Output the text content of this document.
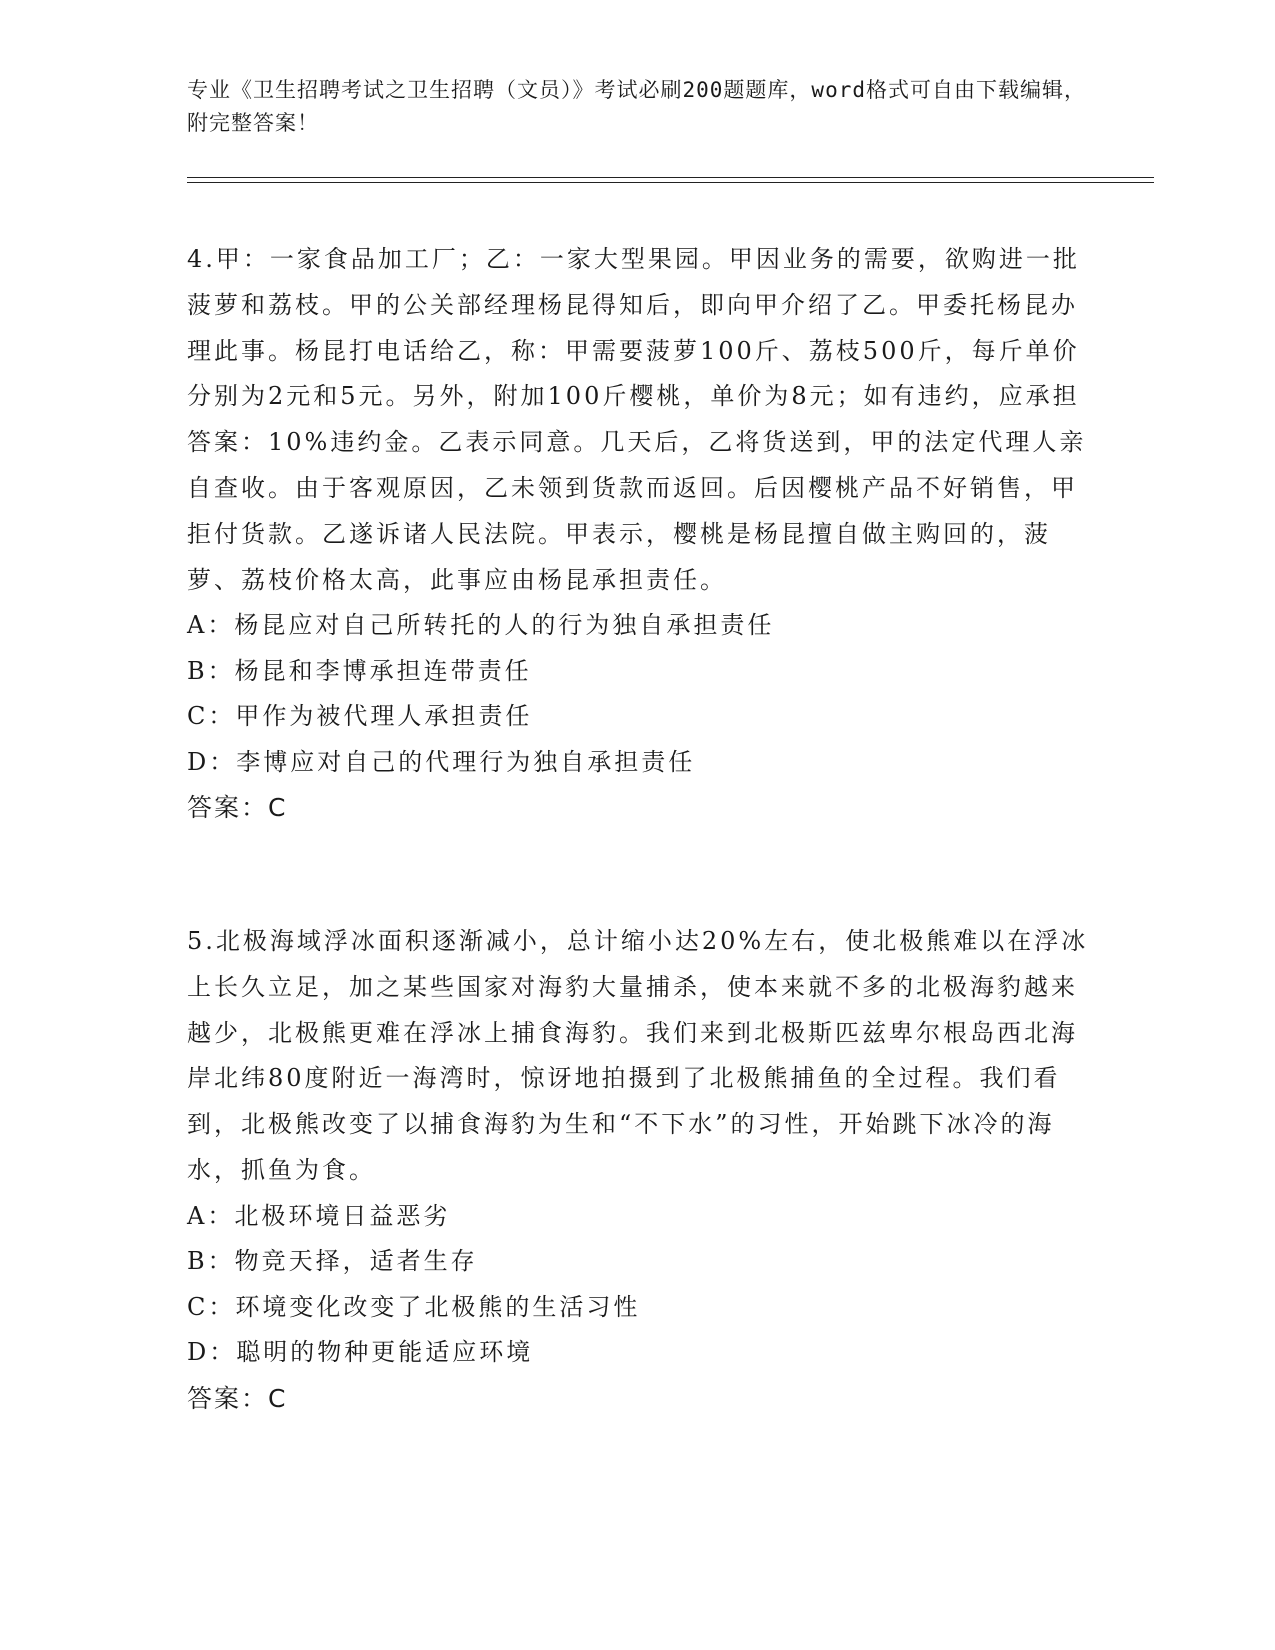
专业《卫生招聘考试之卫生招聘（文员）》考试必刷200题题库，word格式可自由下载编辑，附完整答案！

4.甲：一家食品加工厂；乙：一家大型果园。甲因业务的需要，欲购进一批菠萝和荔枝。甲的公关部经理杨昆得知后，即向甲介绍了乙。甲委托杨昆办理此事。杨昆打电话给乙，称：甲需要菠萝100斤、荔枝500斤，每斤单价分别为2元和5元。另外，附加100斤樱桃，单价为8元；如有违约，应承担答案：10%违约金。乙表示同意。几天后，乙将货送到，甲的法定代理人亲自查收。由于客观原因，乙未领到货款而返回。后因樱桃产品不好销售，甲拒付货款。乙遂诉诸人民法院。甲表示，樱桃是杨昆擅自做主购回的，菠萝、荔枝价格太高，此事应由杨昆承担责任。

A：杨昆应对自己所转托的人的行为独自承担责任

B：杨昆和李博承担连带责任

C：甲作为被代理人承担责任

D：李博应对自己的代理行为独自承担责任

答案：C

5.北极海域浮冰面积逐渐减小，总计缩小达20%左右，使北极熊难以在浮冰上长久立足，加之某些国家对海豹大量捕杀，使本来就不多的北极海豹越来越少，北极熊更难在浮冰上捕食海豹。我们来到北极斯匹兹卑尔根岛西北海岸北纬80度附近一海湾时，惊讶地拍摄到了北极熊捕鱼的全过程。我们看到，北极熊改变了以捕食海豹为生和“不下水”的习性，开始跳下冰冷的海水，抓鱼为食。

A：北极环境日益恶劣

B：物竞天择，适者生存

C：环境变化改变了北极熊的生活习性

D：聪明的物种更能适应环境

答案：C
